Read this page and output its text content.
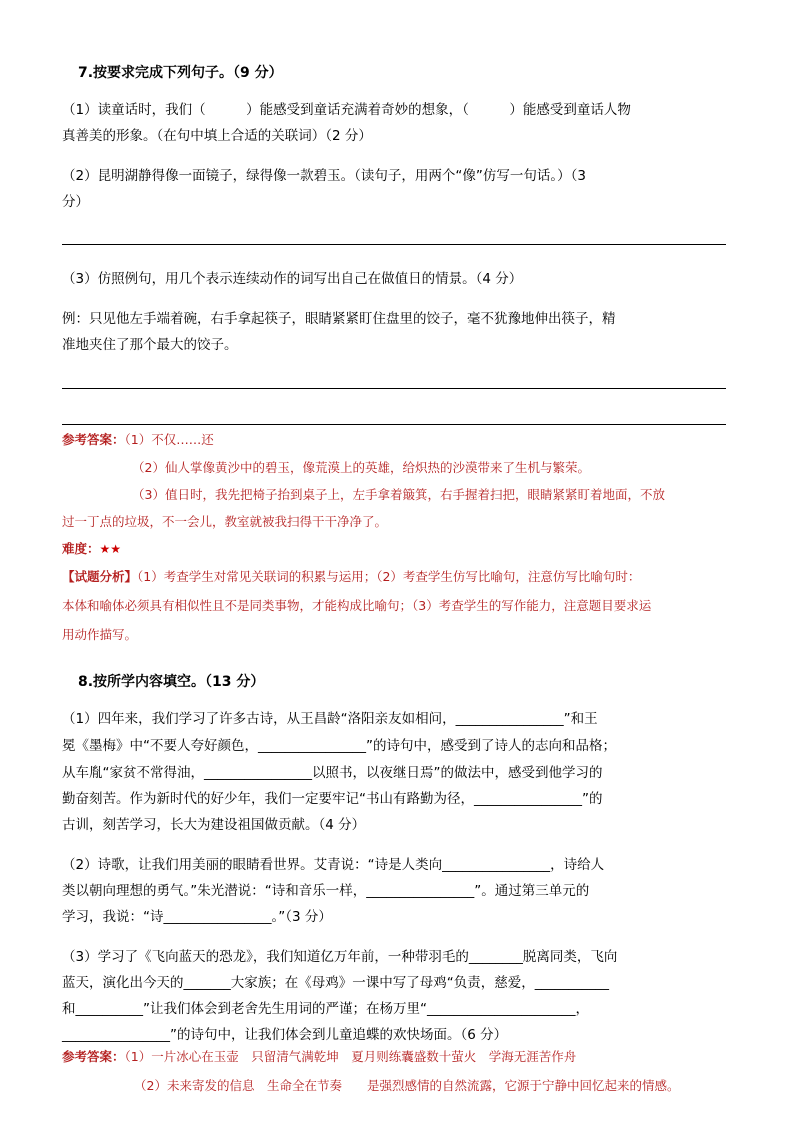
7.按要求完成下列句子。（9 分）
（1）读童话时，我们（　　　）能感受到童话充满着奇妙的想象，（　　　）能感受到童话人物
真善美的形象。（在句中填上合适的关联词）（2 分）
（2）昆明湖静得像一面镜子，绿得像一款碧玉。（读句子，用两个“像”仿写一句话。）（3
分）
（3）仿照例句，用几个表示连续动作的词写出自己在做值日的情景。（4 分）
例：只见他左手端着碗，右手拿起筷子，眼睛紧紧盯住盘里的饺子，毫不犹豫地伸出筷子，精
准地夹住了那个最大的饺子。
参考答案：（1）不仅……还
（2）仙人掌像黄沙中的碧玉，像荒漠上的英雄，给炽热的沙漠带来了生机与繁荣。
（3）值日时，我先把椅子抬到桌子上，左手拿着簸箕，右手握着扫把，眼睛紧紧盯着地面，不放
过一丁点的垃圾，不一会儿，教室就被我扫得干干净净了。
难度：★★
【试题分析】（1）考查学生对常见关联词的积累与运用；（2）考查学生仿写比喻句，注意仿写比喻句时：
本体和喻体必须具有相似性且不是同类事物，才能构成比喻句；（3）考查学生的写作能力，注意题目要求运
用动作描写。
8.按所学内容填空。（13 分）
（1）四年来，我们学习了许多古诗，从王昌龄“洛阳亲友如相问，________________”和王
冕《墨梅》中“不要人夸好颜色，________________”的诗句中，感受到了诗人的志向和品格；
从车胤“家贫不常得油，________________以照书，以夜继日焉”的做法中，感受到他学习的
勤奋刻苦。作为新时代的好少年，我们一定要牢记“书山有路勤为径，________________”的
古训，刻苦学习，长大为建设祖国做贡献。（4 分）
（2）诗歌，让我们用美丽的眼睛看世界。艾青说：“诗是人类向________________，诗给人
类以朝向理想的勇气。”朱光潜说：“诗和音乐一样，________________”。通过第三单元的
学习，我说：“诗________________。”（3 分）
（3）学习了《飞向蓝天的恐龙》，我们知道亿万年前，一种带羽毛的________脱离同类，飞向
蓝天，演化出今天的_______大家族；在《母鸡》一课中写了母鸡“负责，慈爱，___________
和__________”让我们体会到老舍先生用词的严谨；在杨万里“______________________，
________________”的诗句中，让我们体会到儿童追蝶的欢快场面。（6 分）
参考答案：（1）一片冰心在玉壶　只留清气满乾坤　夏月则练囊盛数十萤火　学海无涯苦作舟
（2）未来寄发的信息　生命全在节奏　　是强烈感情的自然流露，它源于宁静中回忆起来的情感。
